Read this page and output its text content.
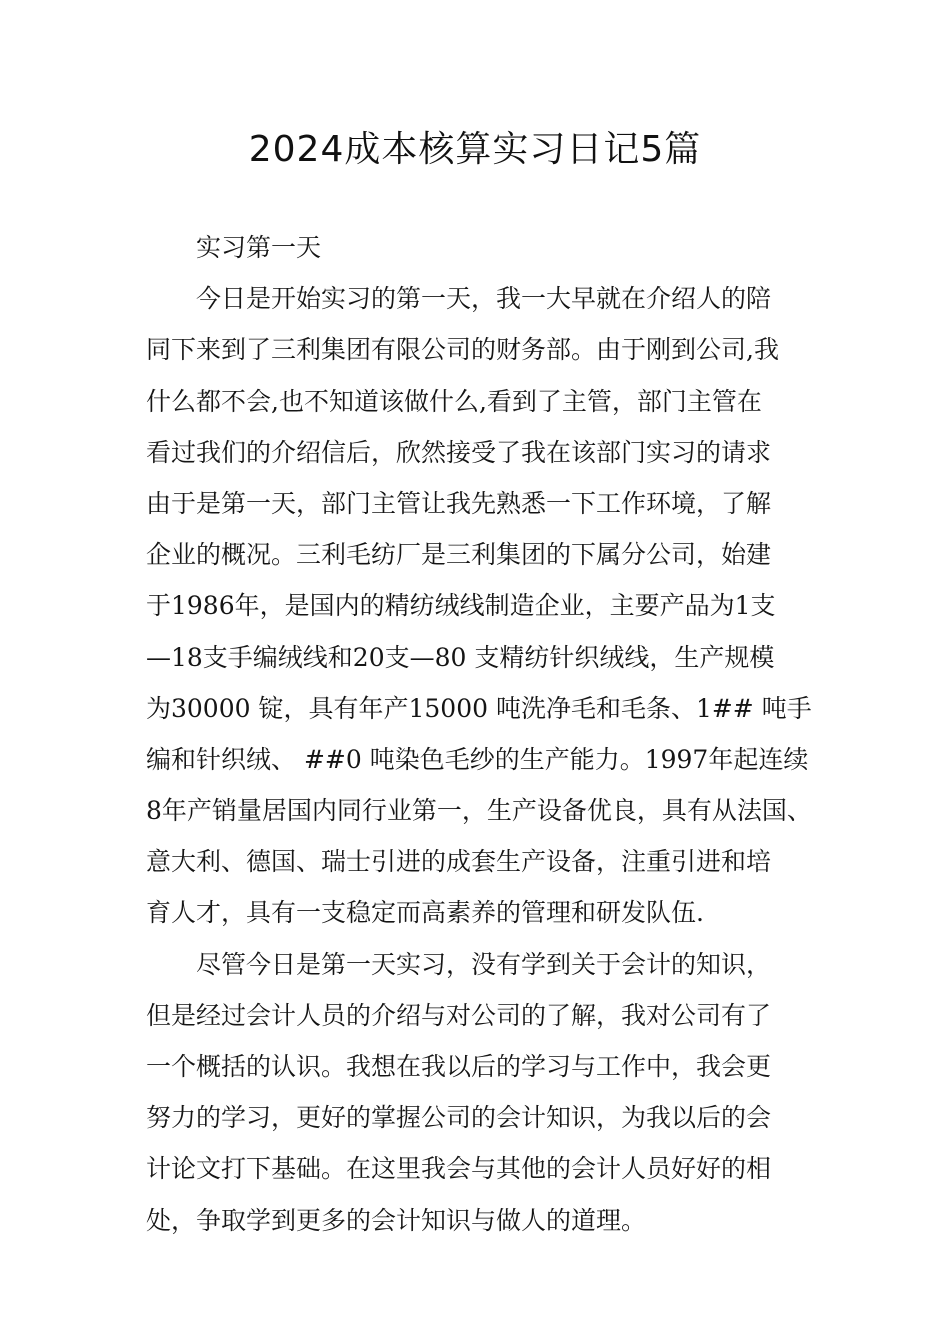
2024成本核算实习日记5篇
实习第一天
今日是开始实习的第一天，我一大早就在介绍人的陪
同下来到了三利集团有限公司的财务部。由于刚到公司,我
什么都不会,也不知道该做什么,看到了主管，部门主管在
看过我们的介绍信后，欣然接受了我在该部门实习的请求
由于是第一天，部门主管让我先熟悉一下工作环境，了解
企业的概况。三利毛纺厂是三利集团的下属分公司，始建
于1986年，是国内的精纺绒线制造企业，主要产品为1支
—18支手编绒线和20支—80 支精纺针织绒线，生产规模
为30000 锭，具有年产15000 吨洗净毛和毛条、1## 吨手
编和针织绒、 ##0 吨染色毛纱的生产能力。1997年起连续
8年产销量居国内同行业第一，生产设备优良，具有从法国、
意大利、德国、瑞士引进的成套生产设备，注重引进和培
育人才，具有一支稳定而高素养的管理和研发队伍.
尽管今日是第一天实习，没有学到关于会计的知识，
但是经过会计人员的介绍与对公司的了解，我对公司有了
一个概括的认识。我想在我以后的学习与工作中，我会更
努力的学习，更好的掌握公司的会计知识，为我以后的会
计论文打下基础。在这里我会与其他的会计人员好好的相
处，争取学到更多的会计知识与做人的道理。
